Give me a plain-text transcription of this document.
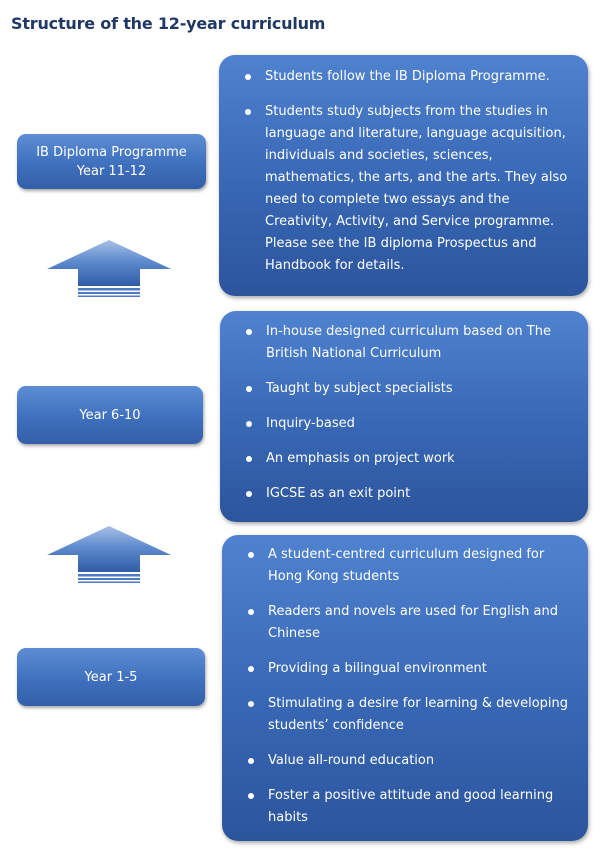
Structure of the 12-year curriculum
IB Diploma Programme
Year 11-12
Students follow the IB Diploma Programme.
Students study subjects from the studies in language and literature, language acquisition, individuals and societies, sciences, mathematics, the arts, and the arts. They also need to complete two essays and the Creativity, Activity, and Service programme. Please see the IB diploma Prospectus and Handbook for details.
Year 6-10
In-house designed curriculum based on The British National Curriculum
Taught by subject specialists
Inquiry-based
An emphasis on project work
IGCSE as an exit point
Year 1-5
A student-centred curriculum designed for Hong Kong students
Readers and novels are used for English and Chinese
Providing a bilingual environment
Stimulating a desire for learning & developing students’ confidence
Value all-round education
Foster a positive attitude and good learning habits
